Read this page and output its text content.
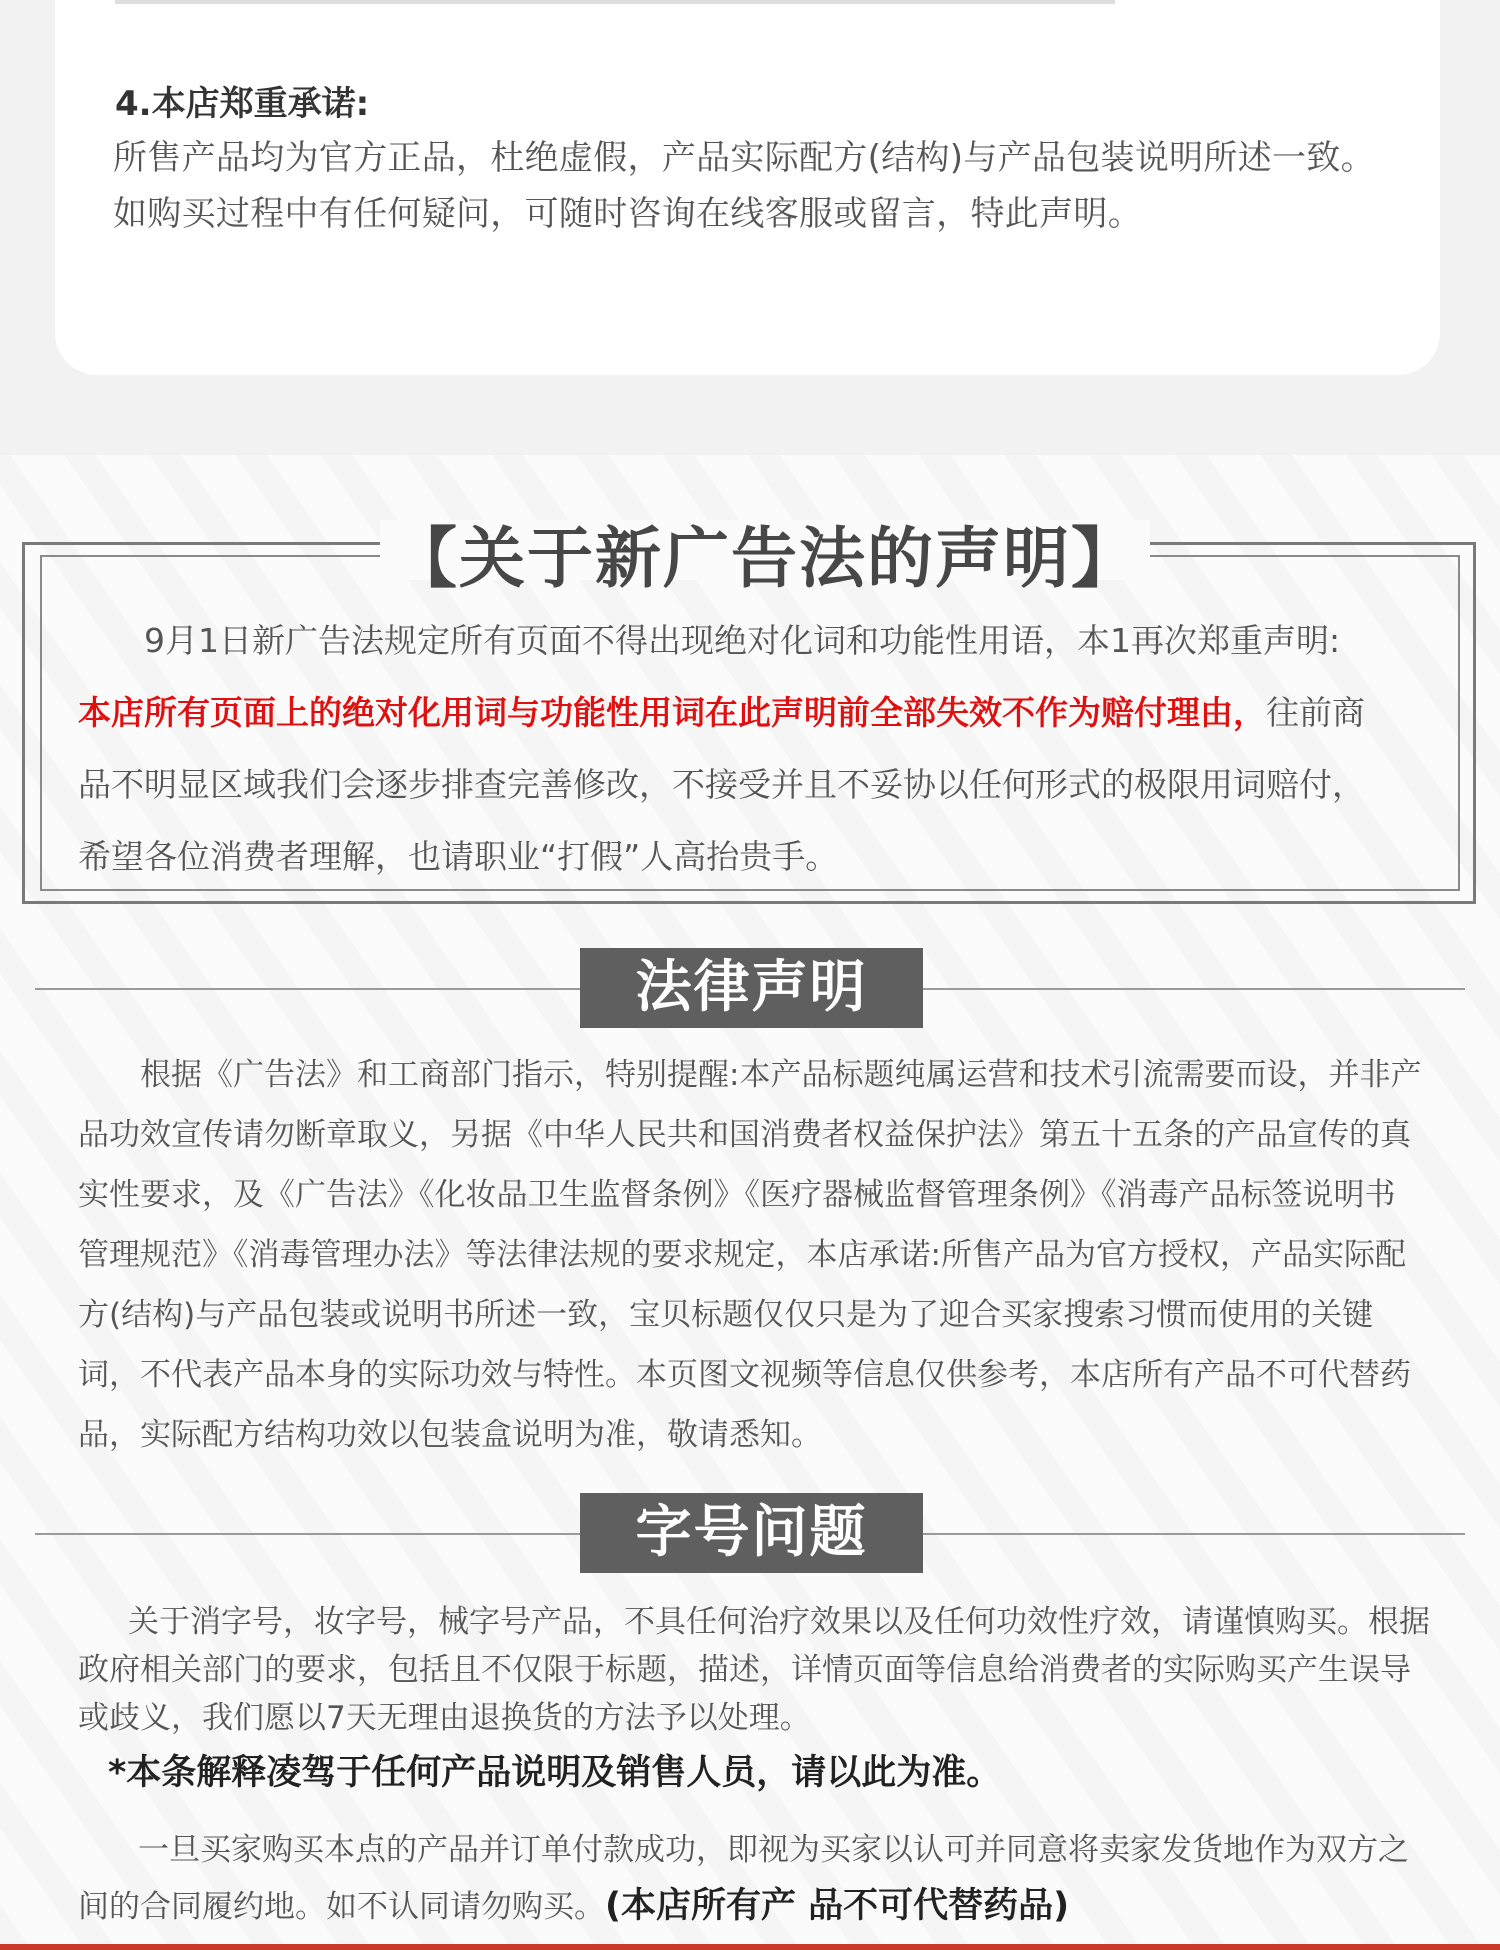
4.本店郑重承诺:
所售产品均为官方正品，杜绝虚假，产品实际配方(结构)与产品包装说明所述一致。如购买过程中有任何疑问，可随时咨询在线客服或留言，特此声明。
【关于新广告法的声明】
9月1日新广告法规定所有页面不得出现绝对化词和功能性用语，本1再次郑重声明:
本店所有页面上的绝对化用词与功能性用词在此声明前全部失效不作为赔付理由，往前商品不明显区域我们会逐步排查完善修改，不接受并且不妥协以任何形式的极限用词赔付，希望各位消费者理解，也请职业“打假”人高抬贵手。
法律声明
根据《广告法》和工商部门指示，特别提醒:本产品标题纯属运营和技术引流需要而设，并非产品功效宣传请勿断章取义，另据《中华人民共和国消费者权益保护法》第五十五条的产品宣传的真实性要求，及《广告法》《化妆品卫生监督条例》《医疗器械监督管理条例》《消毒产品标签说明书管理规范》《消毒管理办法》等法律法规的要求规定，本店承诺:所售产品为官方授权，产品实际配方(结构)与产品包装或说明书所述一致，宝贝标题仅仅只是为了迎合买家搜索习惯而使用的关键词，不代表产品本身的实际功效与特性。本页图文视频等信息仅供参考，本店所有产品不可代替药品，实际配方结构功效以包装盒说明为准，敬请悉知。
字号问题
关于消字号，妆字号，械字号产品，不具任何治疗效果以及任何功效性疗效，请谨慎购买。根据政府相关部门的要求，包括且不仅限于标题，描述，详情页面等信息给消费者的实际购买产生误导或歧义，我们愿以7天无理由退换货的方法予以处理。
*本条解释凌驾于任何产品说明及销售人员，请以此为准。
一旦买家购买本点的产品并订单付款成功，即视为买家以认可并同意将卖家发货地作为双方之间的合同履约地。如不认同请勿购买。(本店所有产 品不可代替药品)
